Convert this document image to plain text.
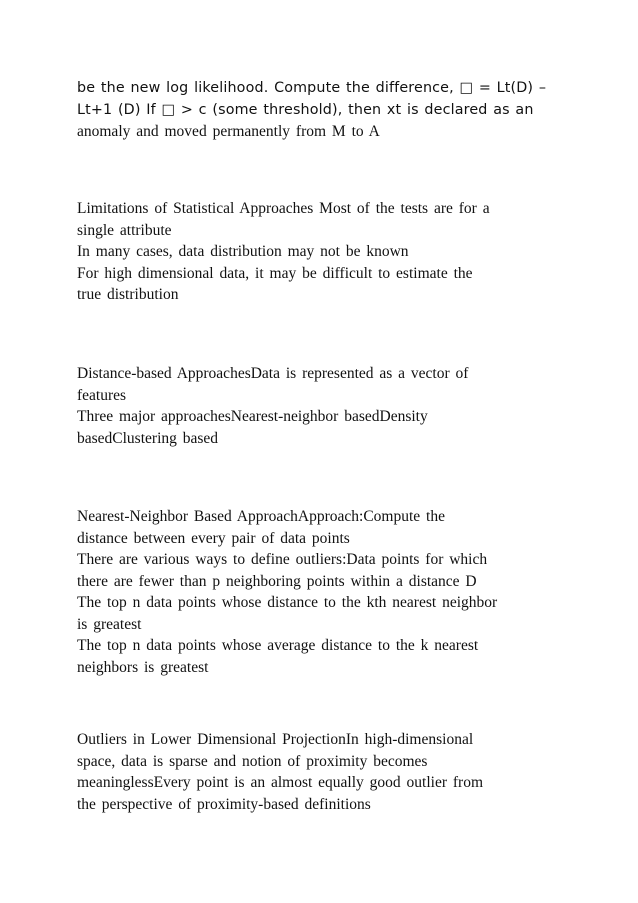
be the new log likelihood. Compute the difference, □ = Lt(D) –
Lt+1 (D) If □ > c (some threshold), then xt is declared as an
anomaly and moved permanently from M to A
Limitations of Statistical Approaches Most of the tests are for a
single attribute
In many cases, data distribution may not be known
For high dimensional data, it may be difficult to estimate the
true distribution
Distance-based ApproachesData is represented as a vector of
features
Three major approachesNearest-neighbor basedDensity
basedClustering based
Nearest-Neighbor Based ApproachApproach:Compute the
distance between every pair of data points
There are various ways to define outliers:Data points for which
there are fewer than p neighboring points within a distance D
The top n data points whose distance to the kth nearest neighbor
is greatest
The top n data points whose average distance to the k nearest
neighbors is greatest
Outliers in Lower Dimensional ProjectionIn high-dimensional
space, data is sparse and notion of proximity becomes
meaninglessEvery point is an almost equally good outlier from
the perspective of proximity-based definitions
